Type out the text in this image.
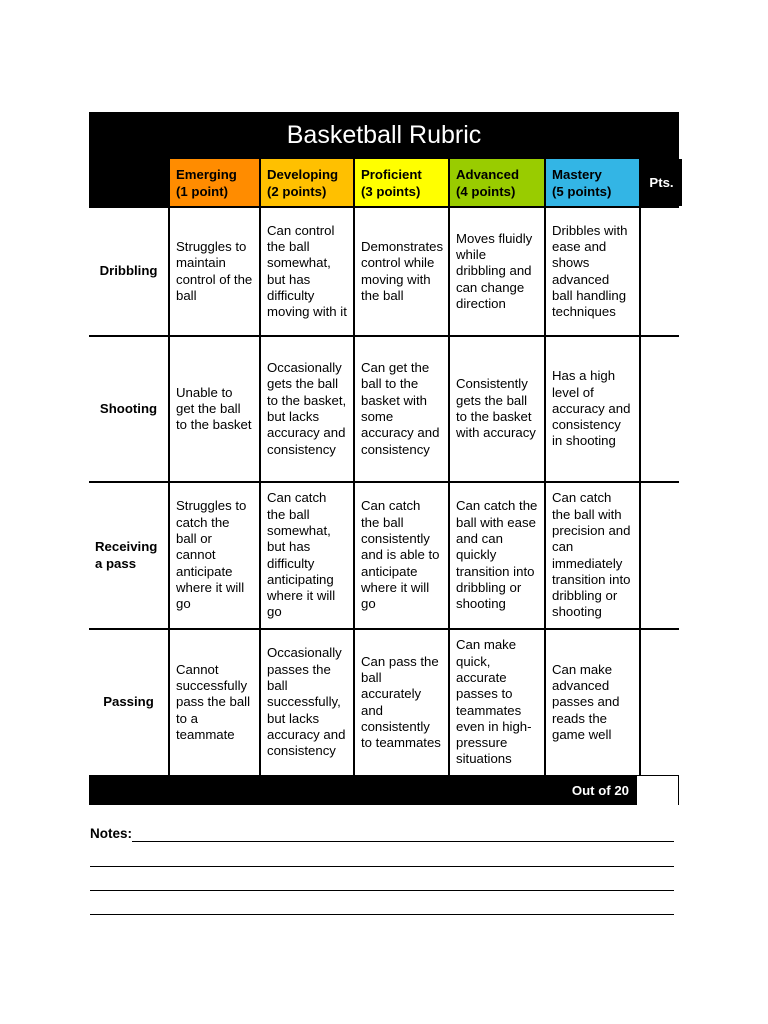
Basketball Rubric
Emerging
(1 point)
Developing
(2 points)
Proficient
(3 points)
Advanced
(4 points)
Mastery
(5 points)
Pts.
Dribbling
Struggles to maintain control of the ball
Can control the ball somewhat, but has difficulty moving with it
Demonstrates control while moving with the ball
Moves fluidly while dribbling and can change direction
Dribbles with ease and shows advanced ball handling techniques
Shooting
Unable to get the ball to the basket
Occasionally gets the ball to the basket, but lacks accuracy and consistency
Can get the ball to the basket with some accuracy and consistency
Consistently gets the ball to the basket with accuracy
Has a high level of accuracy and consistency in shooting
Receiving a pass
Struggles to catch the ball or cannot anticipate where it will go
Can catch the ball somewhat, but has difficulty anticipating where it will go
Can catch the ball consistently and is able to anticipate where it will go
Can catch the ball with ease and can quickly transition into dribbling or shooting
Can catch the ball with precision and can immediately transition into dribbling or shooting
Passing
Cannot successfully pass the ball to a teammate
Occasionally passes the ball successfully, but lacks accuracy and consistency
Can pass the ball accurately and consistently to teammates
Can make quick, accurate passes to teammates even in high-pressure situations
Can make advanced passes and reads the game well
Out of 20
Notes:
